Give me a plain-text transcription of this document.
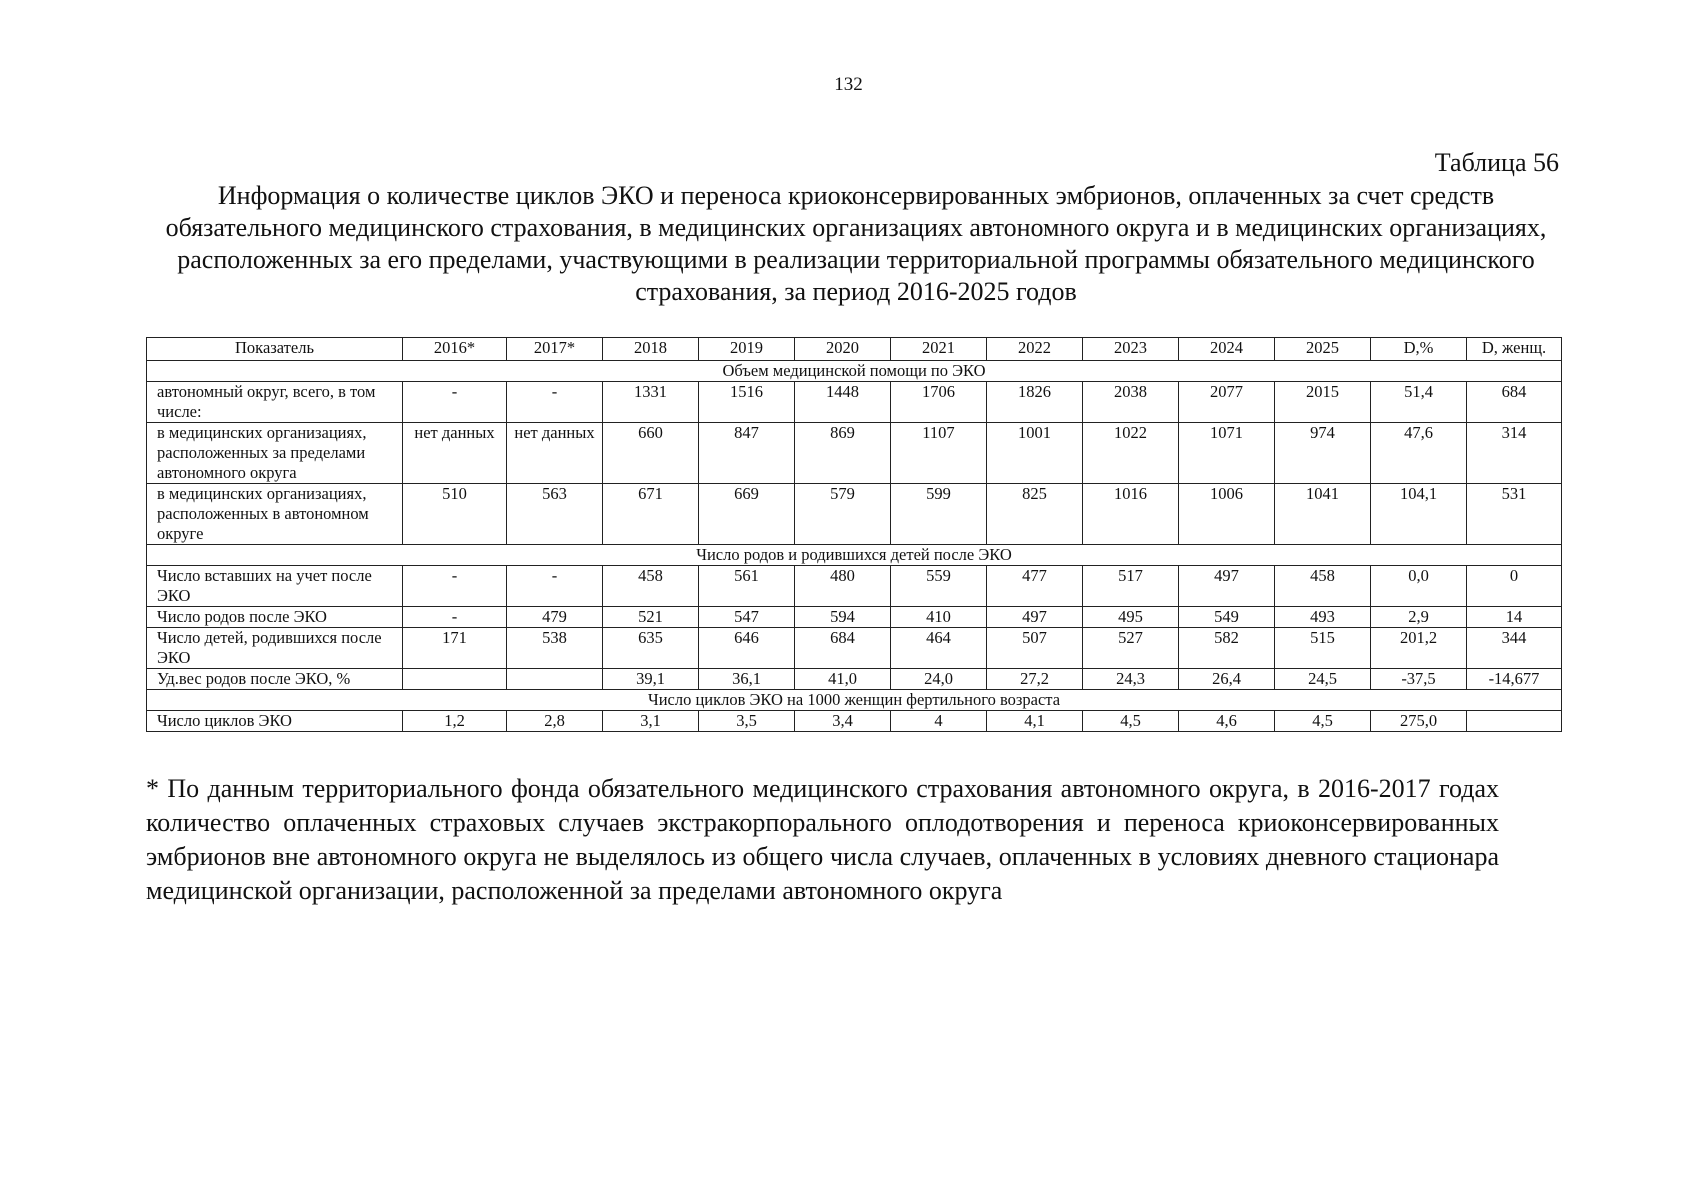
132
Таблица 56
Информация о количестве циклов ЭКО и переноса криоконсервированных эмбрионов, оплаченных за счет средств обязательного медицинского страхования, в медицинских организациях автономного округа и в медицинских организациях, расположенных за его пределами, участвующими в реализации территориальной программы обязательного медицинского страхования, за период 2016-2025 годов
Показатель	2016*	2017*	2018	2019	2020	2021	2022	2023	2024	2025	D,%	D, женщ.
Объем медицинской помощи по ЭКО												
автономный округ, всего, в том числе:	-	-	1331	1516	1448	1706	1826	2038	2077	2015	51,4	684
в медицинских организациях, расположенных за пределами автономного округа	нет данных	нет данных	660	847	869	1107	1001	1022	1071	974	47,6	314
в медицинских организациях, расположенных в автономном округе	510	563	671	669	579	599	825	1016	1006	1041	104,1	531
Число родов и родившихся детей после ЭКО												
Число вставших на учет после ЭКО	-	-	458	561	480	559	477	517	497	458	0,0	0
Число родов после ЭКО	-	479	521	547	594	410	497	495	549	493	2,9	14
Число детей, родившихся после ЭКО	171	538	635	646	684	464	507	527	582	515	201,2	344
Уд.вес родов после ЭКО, %			39,1	36,1	41,0	24,0	27,2	24,3	26,4	24,5	-37,5	-14,677
Число циклов ЭКО на 1000 женщин фертильного возраста												
Число циклов ЭКО	1,2	2,8	3,1	3,5	3,4	4	4,1	4,5	4,6	4,5	275,0	
* По данным территориального фонда обязательного медицинского страхования автономного округа, в 2016-2017 годах количество оплаченных страховых случаев экстракорпорального оплодотворения и переноса криоконсервированных эмбрионов вне автономного округа не выделялось из общего числа случаев, оплаченных в условиях дневного стационара медицинской организации, расположенной за пределами автономного округа
